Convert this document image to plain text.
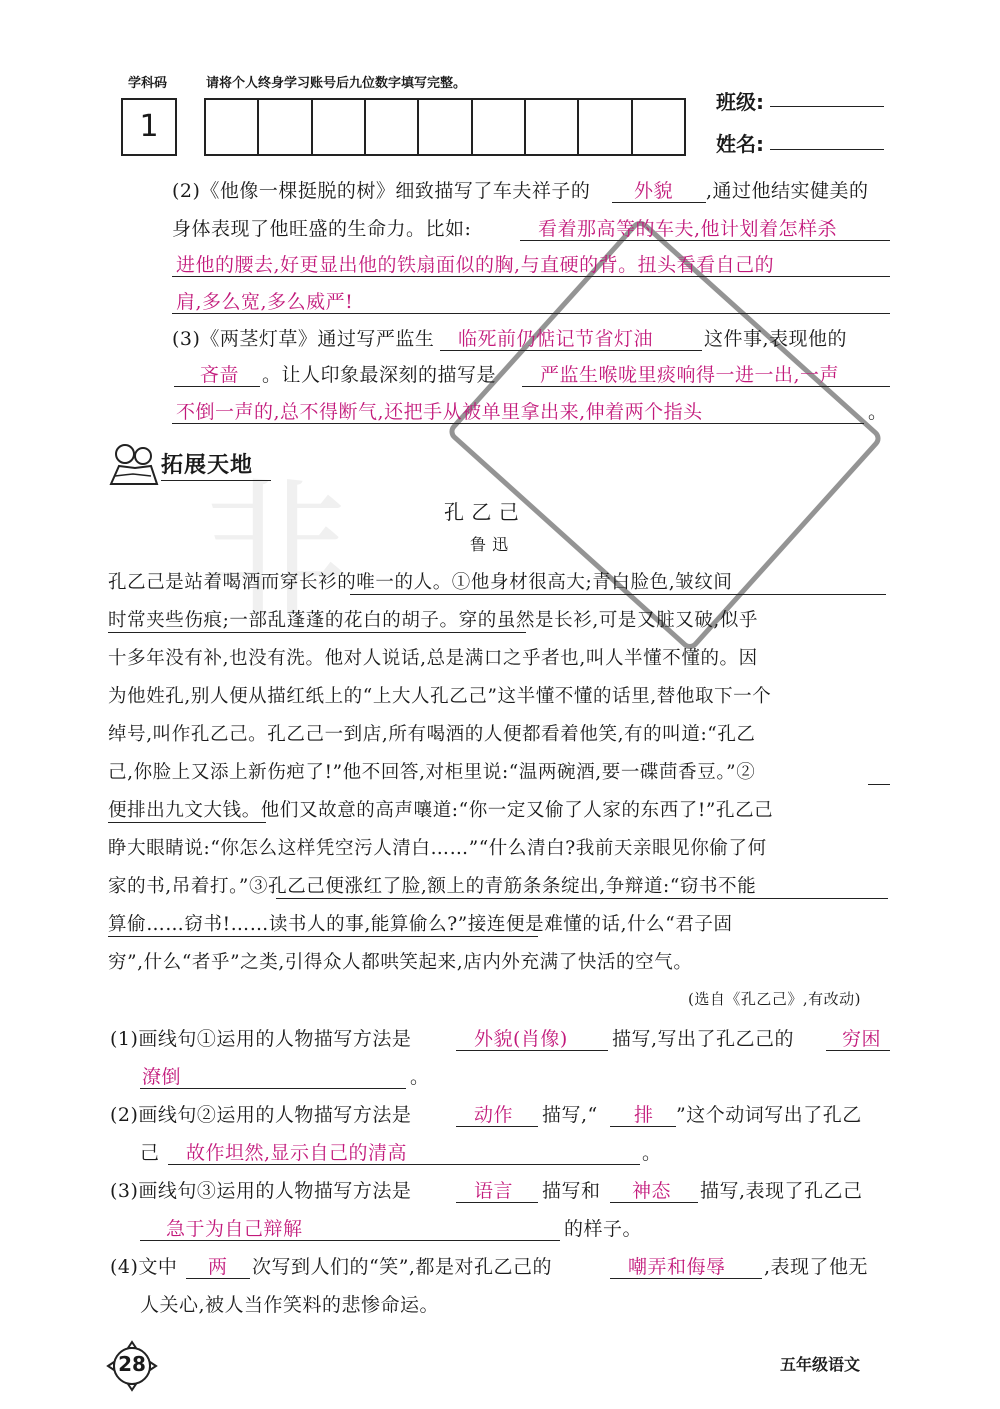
非
学科码	请将个人终身学习账号后九位数字填写完整。
1
班级:
姓名:
(2)《他像一棵挺脱的树》细致描写了车夫祥子的 外貌 ,通过他结实健美的
身体表现了他旺盛的生命力。比如:	看着那高等的车夫,他计划着怎样杀
进他的腰去,好更显出他的铁扇面似的胸,与直硬的背。扭头看看自己的
肩,多么宽,多么威严!
(3)《两茎灯草》通过写严监生 临死前仍惦记节省灯油	这件事,表现他的
吝啬 。让人印象最深刻的描写是 严监生喉咙里痰响得一进一出,一声
不倒一声的,总不得断气,还把手从被单里拿出来,伸着两个指头	。
拓展天地
孔 乙 己
鲁 迅
孔乙己是站着喝酒而穿长衫的唯一的人。①他身材很高大;青白脸色,皱纹间
时常夹些伤痕;一部乱蓬蓬的花白的胡子。穿的虽然是长衫,可是又脏又破,似乎
十多年没有补,也没有洗。他对人说话,总是满口之乎者也,叫人半懂不懂的。因
为他姓孔,别人便从描红纸上的“上大人孔乙己”这半懂不懂的话里,替他取下一个
绰号,叫作孔乙己。孔乙己一到店,所有喝酒的人便都看着他笑,有的叫道:“孔乙
己,你脸上又添上新伤疤了!”他不回答,对柜里说:“温两碗酒,要一碟茴香豆。”②
便排出九文大钱。他们又故意的高声嚷道:“你一定又偷了人家的东西了!”孔乙己
睁大眼睛说:“你怎么这样凭空污人清白……”“什么清白?我前天亲眼见你偷了何
家的书,吊着打。”③孔乙己便涨红了脸,额上的青筋条条绽出,争辩道:“窃书不能
算偷……窃书!……读书人的事,能算偷么?”接连便是难懂的话,什么“君子固
穷”,什么“者乎”之类,引得众人都哄笑起来,店内外充满了快活的空气。
(选自《孔乙己》,有改动)
(1)画线句①运用的人物描写方法是	外貌(肖像) 描写,写出了孔乙己的	穷困
潦倒	。
(2)画线句②运用的人物描写方法是	动作 描写,“ 排 ”这个动词写出了孔乙
己 故作坦然,显示自己的清高	。
(3)画线句③运用的人物描写方法是	语言 描写和 神态 描写,表现了孔乙己
急于为自己辩解	的样子。
(4)文中 两 次写到人们的“笑”,都是对孔乙己的	嘲弄和侮辱 ,表现了他无
人关心,被人当作笑料的悲惨命运。
28	五年级语文
